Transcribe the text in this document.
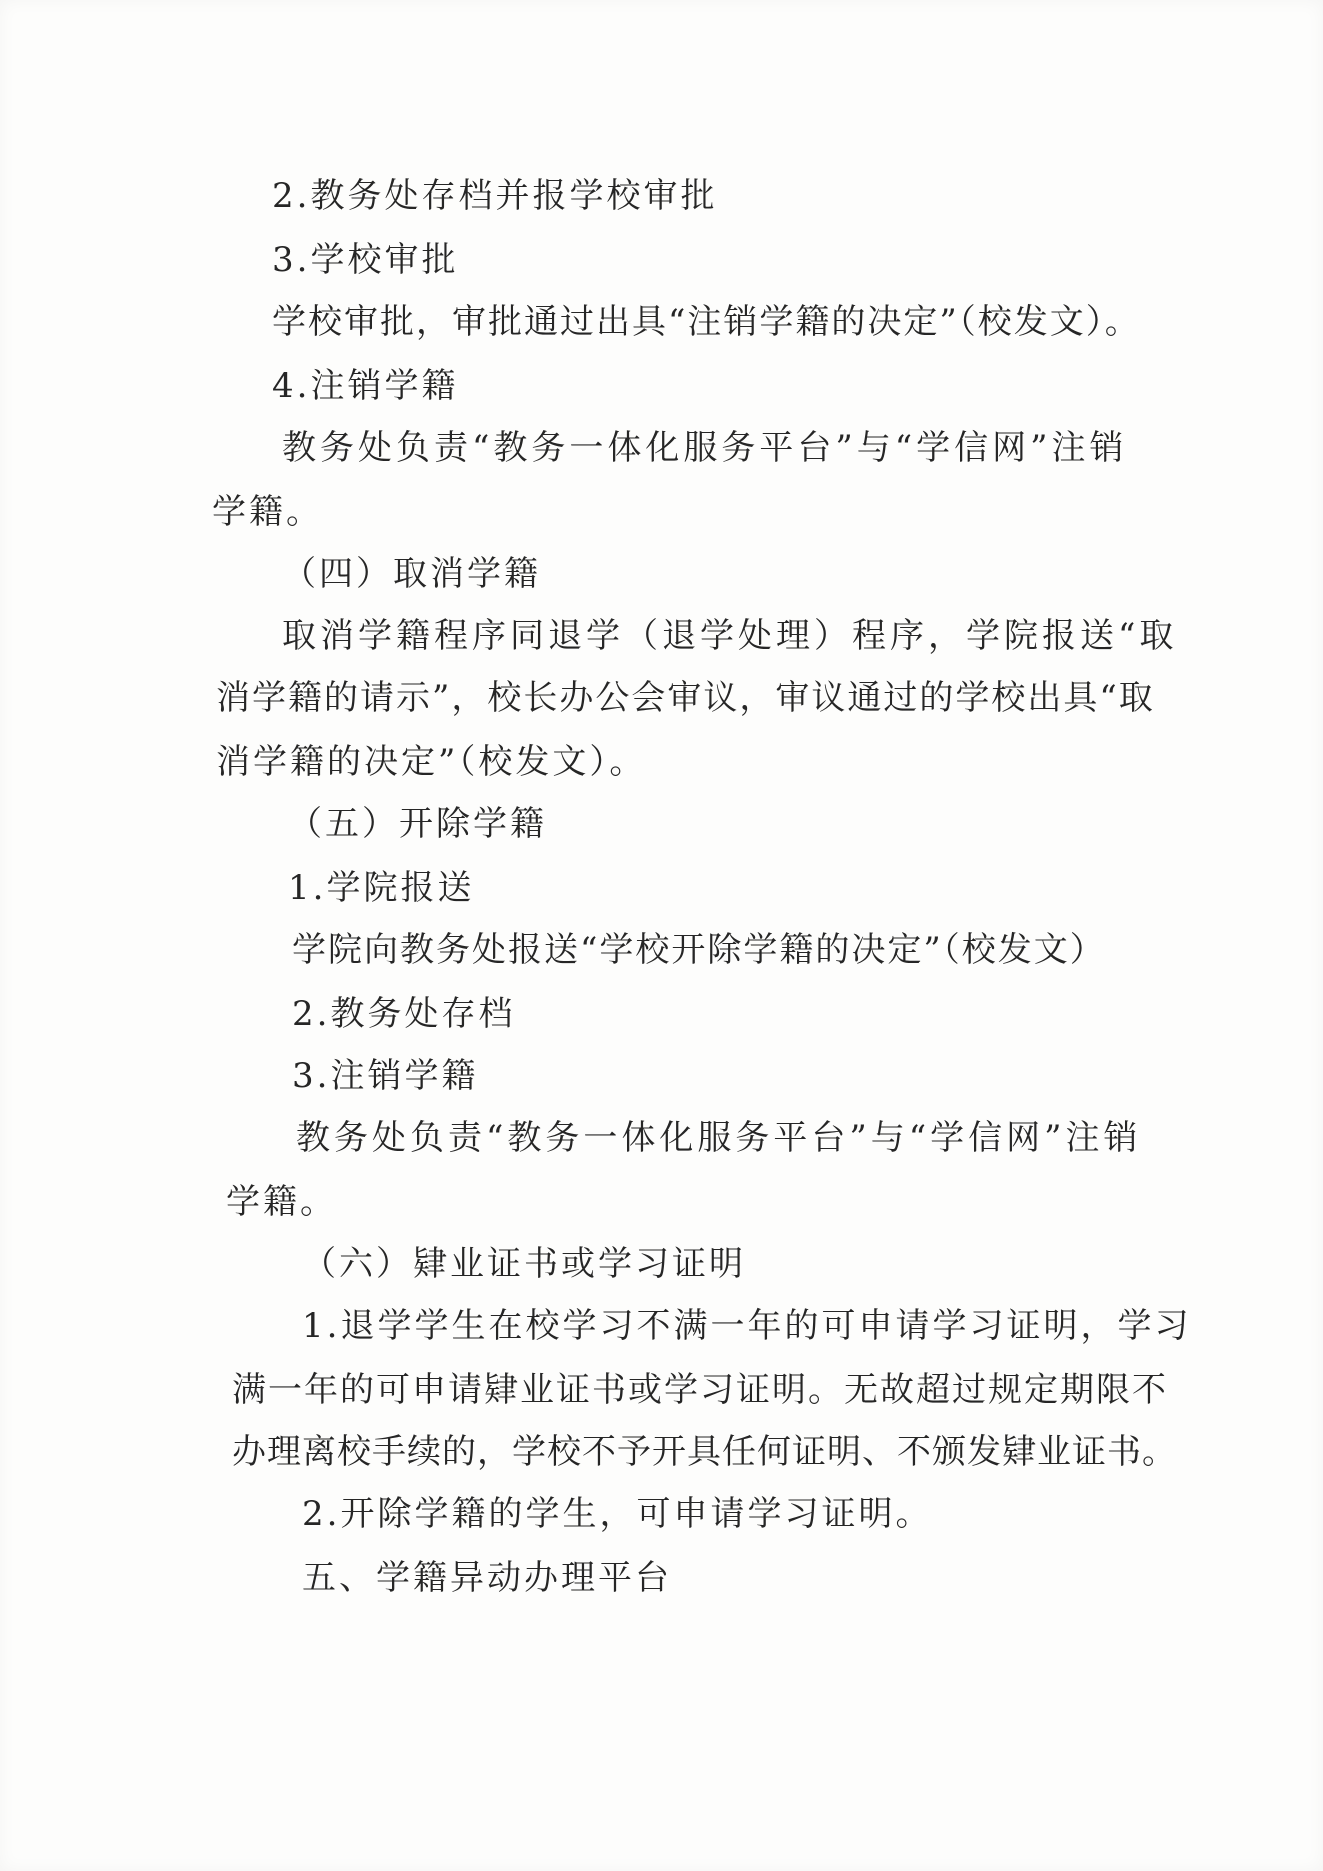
2.教务处存档并报学校审批
3.学校审批
学校审批，审批通过出具“注销学籍的决定”（校发文）。
4.注销学籍
教务处负责“教务一体化服务平台”与“学信网”注销
学籍。
（四）取消学籍
取消学籍程序同退学（退学处理）程序，学院报送“取
消学籍的请示”，校长办公会审议，审议通过的学校出具“取
消学籍的决定”（校发文）。
（五）开除学籍
1.学院报送
学院向教务处报送“学校开除学籍的决定”（校发文）
2.教务处存档
3.注销学籍
教务处负责“教务一体化服务平台”与“学信网”注销
学籍。
（六）肄业证书或学习证明
1.退学学生在校学习不满一年的可申请学习证明，学习
满一年的可申请肄业证书或学习证明。无故超过规定期限不
办理离校手续的，学校不予开具任何证明、不颁发肄业证书。
2.开除学籍的学生，可申请学习证明。
五、学籍异动办理平台
